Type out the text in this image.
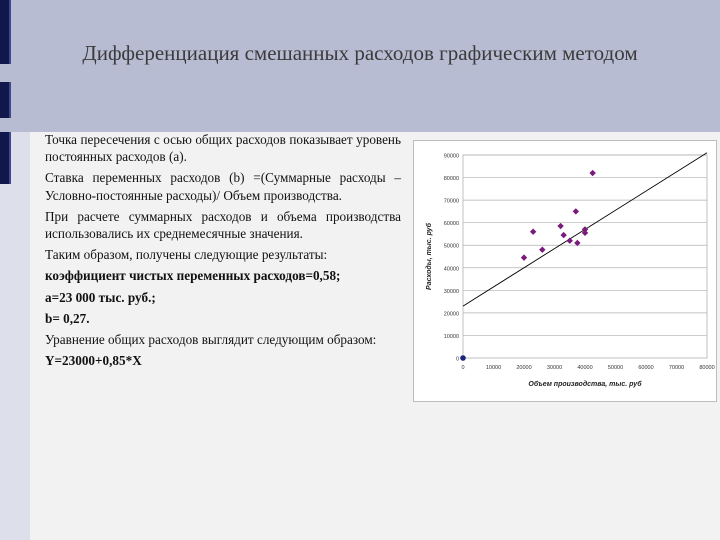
Дифференциация смешанных расходов графическим методом

Точка пересечения с осью общих расходов показывает уровень постоянных расходов (а).

Ставка переменных расходов (b) =(Суммарные расходы – Условно-постоянные расходы)/ Объем производства.

При расчете суммарных расходов и объема производства использовались их среднемесячные значения.

Таким образом, получены следующие результаты:

коэффициент чистых переменных расходов=0,58;

а=23 000 тыс. руб.;

b= 0,27.

Уравнение общих расходов выглядит следующим образом:

Y=23000+0,85*X	0
10000
20000
30000
40000
50000
60000
70000
80000
90000
0	10000	20000	30000	40000	50000	60000	70000	80000
Объем производства, тыс. руб
Расходы, тыс. руб
